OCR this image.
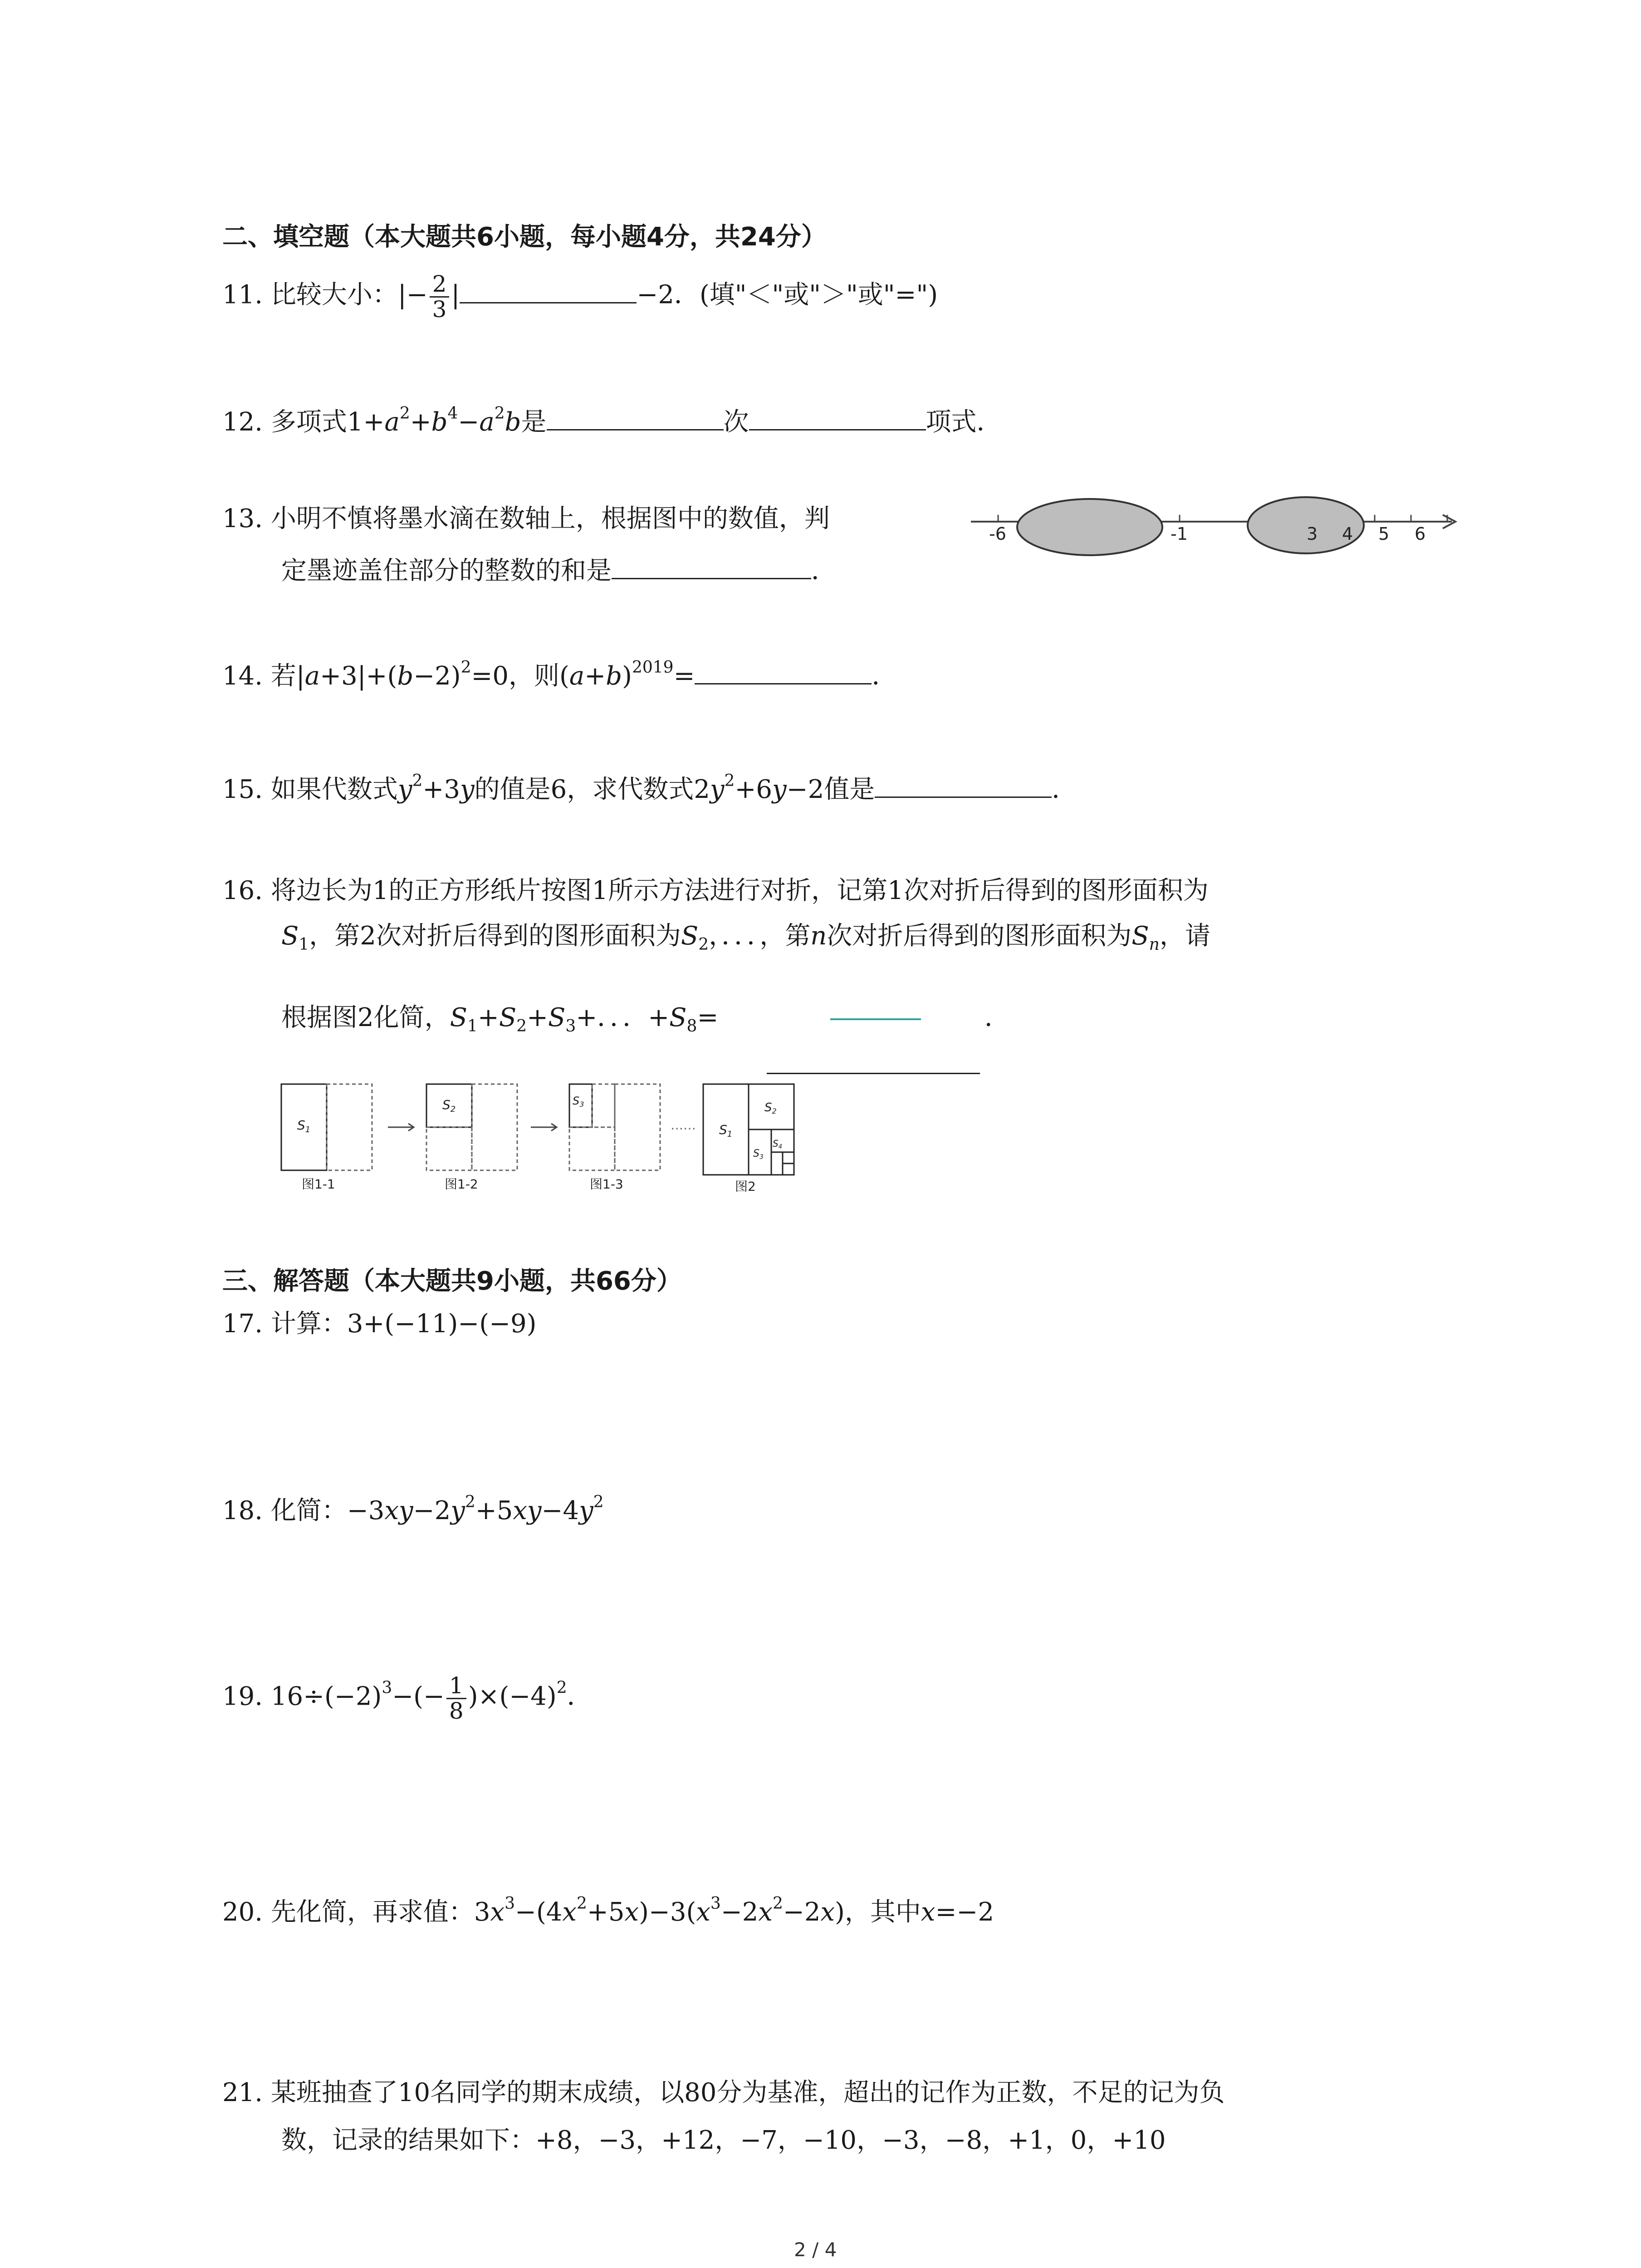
二、填空题（本大题共6小题，每小题4分，共24分）
11. 比较大小：|− $\frac{2}{3}$ |	−2．(填"＜"或"＞"或"=")
12. 多项式$1+a^2+b^4-a^2b$是	次	项式．
13. 小明不慎将墨水滴在数轴上，根据图中的数值，判
定墨迹盖住部分的整数的和是	．
-6	-1	3 4 5 6
14. 若$|a+3|+(b-2)^2=0$，则$(a+b)^{2019}=$	．
15. 如果代数式$y^2+3y$的值是6，求代数式$2y^2+6y-2$值是	．
16. 将边长为1的正方形纸片按图1所示方法进行对折，记第1次对折后得到的图形面积为
$S_1$，第2次对折后得到的图形面积为$S_2$，．．．，第n次对折后得到的图形面积为$S_n$，请
根据图2化简，$S_1+S_2+S_3+$．．．$+S_8=$	．
$S_1$
图1-1
$S_2$
图1-2
$S_3$
图1-3
…… $S_1$
S2
$S_3$
$S_4$
图2
三、解答题（本大题共9小题，共66分）
17. 计算：3+(−11)−(−9)
18. 化简：$-3xy-2y^2+5xy-4y^2$
19. $16\div(-2)^3-(- \frac{1}{8} )\times(-4)^2$．
20. 先化简，再求值：$3x^3-(4x^2+5x)-3(x^3-2x^2-2x)$，其中x=−2
21. 某班抽查了10名同学的期末成绩，以80分为基准，超出的记作为正数，不足的记为负
数，记录的结果如下：+8，−3，+12，−7，−10，−3，−8，+1，0，+10
2 / 4
